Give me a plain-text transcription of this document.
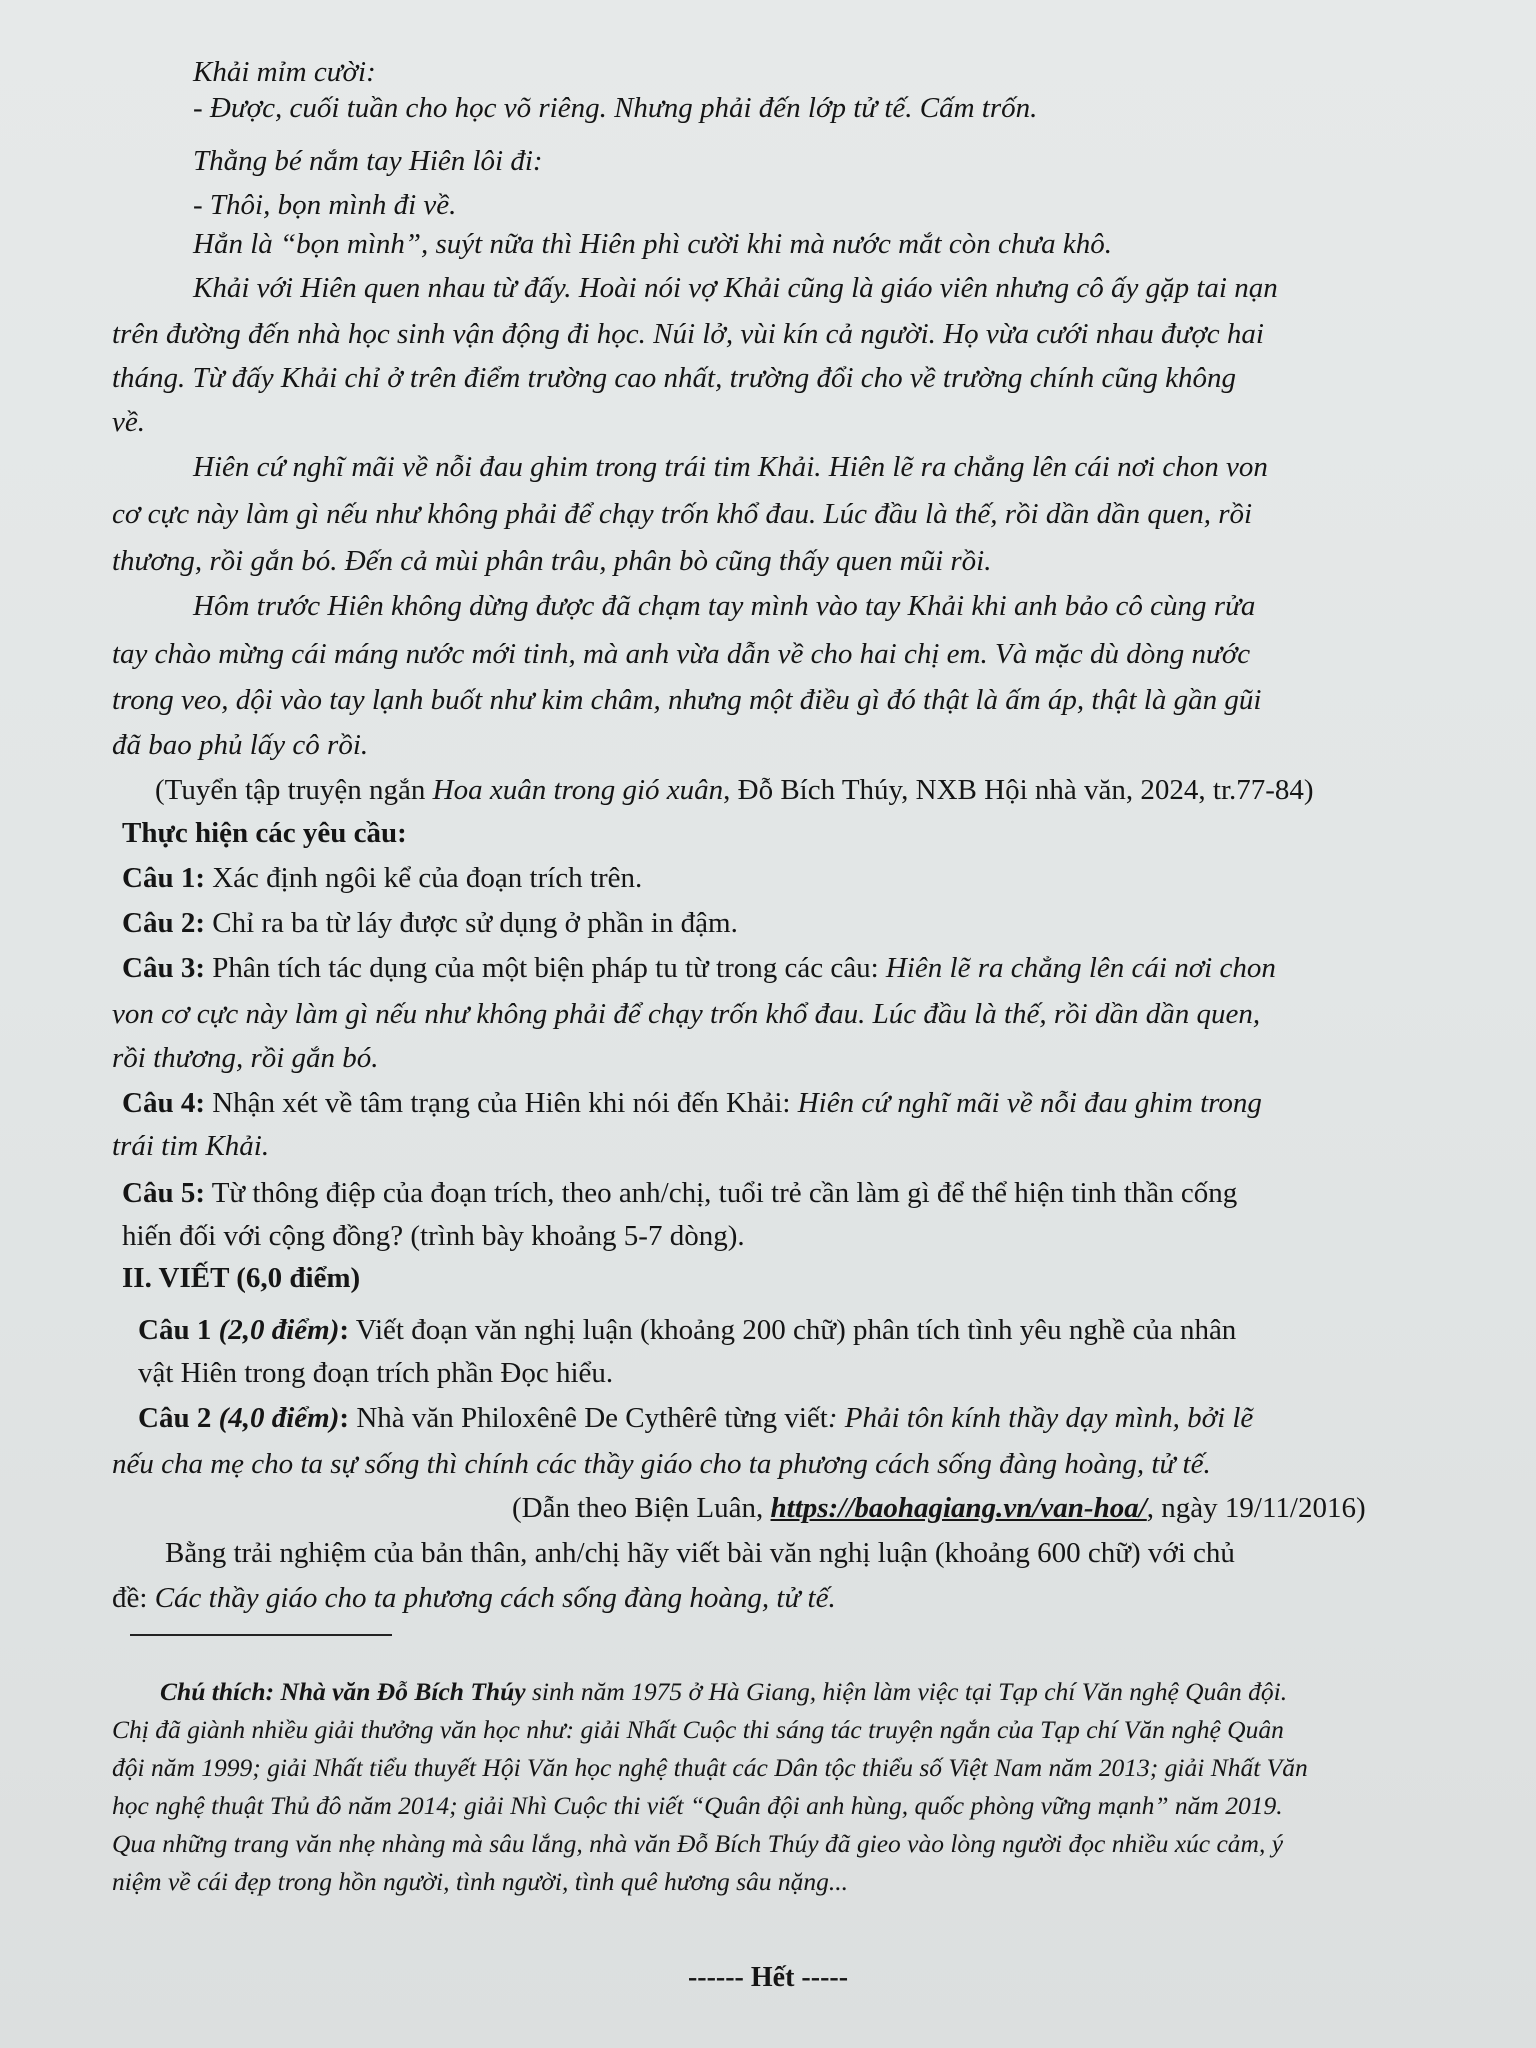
Khải mỉm cười:

- Được, cuối tuần cho học võ riêng. Nhưng phải đến lớp tử tế. Cấm trốn.

Thằng bé nắm tay Hiên lôi đi:

- Thôi, bọn mình đi về.

Hẳn là “bọn mình”, suýt nữa thì Hiên phì cười khi mà nước mắt còn chưa khô.

Khải với Hiên quen nhau từ đấy. Hoài nói vợ Khải cũng là giáo viên nhưng cô ấy gặp tai nạn

trên đường đến nhà học sinh vận động đi học. Núi lở, vùi kín cả người. Họ vừa cưới nhau được hai

tháng. Từ đấy Khải chỉ ở trên điểm trường cao nhất, trường đổi cho về trường chính cũng không

về.

Hiên cứ nghĩ mãi về nỗi đau ghim trong trái tim Khải. Hiên lẽ ra chẳng lên cái nơi chon von

cơ cực này làm gì nếu như không phải để chạy trốn khổ đau. Lúc đầu là thế, rồi dần dần quen, rồi

thương, rồi gắn bó. Đến cả mùi phân trâu, phân bò cũng thấy quen mũi rồi.

Hôm trước Hiên không dừng được đã chạm tay mình vào tay Khải khi anh bảo cô cùng rửa

tay chào mừng cái máng nước mới tinh, mà anh vừa dẫn về cho hai chị em. Và mặc dù dòng nước

trong veo, dội vào tay lạnh buốt như kim châm, nhưng một điều gì đó thật là ấm áp, thật là gần gũi

đã bao phủ lấy cô rồi.

(Tuyển tập truyện ngắn Hoa xuân trong gió xuân, Đỗ Bích Thúy, NXB Hội nhà văn, 2024, tr.77-84)

Thực hiện các yêu cầu:

Câu 1: Xác định ngôi kể của đoạn trích trên.

Câu 2: Chỉ ra ba từ láy được sử dụng ở phần in đậm.

Câu 3: Phân tích tác dụng của một biện pháp tu từ trong các câu: Hiên lẽ ra chẳng lên cái nơi chon

von cơ cực này làm gì nếu như không phải để chạy trốn khổ đau. Lúc đầu là thế, rồi dần dần quen,

rồi thương, rồi gắn bó.

Câu 4: Nhận xét về tâm trạng của Hiên khi nói đến Khải: Hiên cứ nghĩ mãi về nỗi đau ghim trong

trái tim Khải.

Câu 5: Từ thông điệp của đoạn trích, theo anh/chị, tuổi trẻ cần làm gì để thể hiện tinh thần cống

hiến đối với cộng đồng? (trình bày khoảng 5-7 dòng).

II. VIẾT (6,0 điểm)

Câu 1 (2,0 điểm): Viết đoạn văn nghị luận (khoảng 200 chữ) phân tích tình yêu nghề của nhân

vật Hiên trong đoạn trích phần Đọc hiểu.

Câu 2 (4,0 điểm): Nhà văn Philoxênê De Cythêrê từng viết: Phải tôn kính thầy dạy mình, bởi lẽ

nếu cha mẹ cho ta sự sống thì chính các thầy giáo cho ta phương cách sống đàng hoàng, tử tế.

(Dẫn theo Biện Luân, https://baohagiang.vn/van-hoa/, ngày 19/11/2016)

Bằng trải nghiệm của bản thân, anh/chị hãy viết bài văn nghị luận (khoảng 600 chữ) với chủ

đề: Các thầy giáo cho ta phương cách sống đàng hoàng, tử tế.

Chú thích: Nhà văn Đỗ Bích Thúy sinh năm 1975 ở Hà Giang, hiện làm việc tại Tạp chí Văn nghệ Quân đội.

Chị đã giành nhiều giải thưởng văn học như: giải Nhất Cuộc thi sáng tác truyện ngắn của Tạp chí Văn nghệ Quân

đội năm 1999; giải Nhất tiểu thuyết Hội Văn học nghệ thuật các Dân tộc thiểu số Việt Nam năm 2013; giải Nhất Văn

học nghệ thuật Thủ đô năm 2014; giải Nhì Cuộc thi viết “Quân đội anh hùng, quốc phòng vững mạnh” năm 2019.

Qua những trang văn nhẹ nhàng mà sâu lắng, nhà văn Đỗ Bích Thúy đã gieo vào lòng người đọc nhiều xúc cảm, ý

niệm về cái đẹp trong hồn người, tình người, tình quê hương sâu nặng...

------ Hết -----
